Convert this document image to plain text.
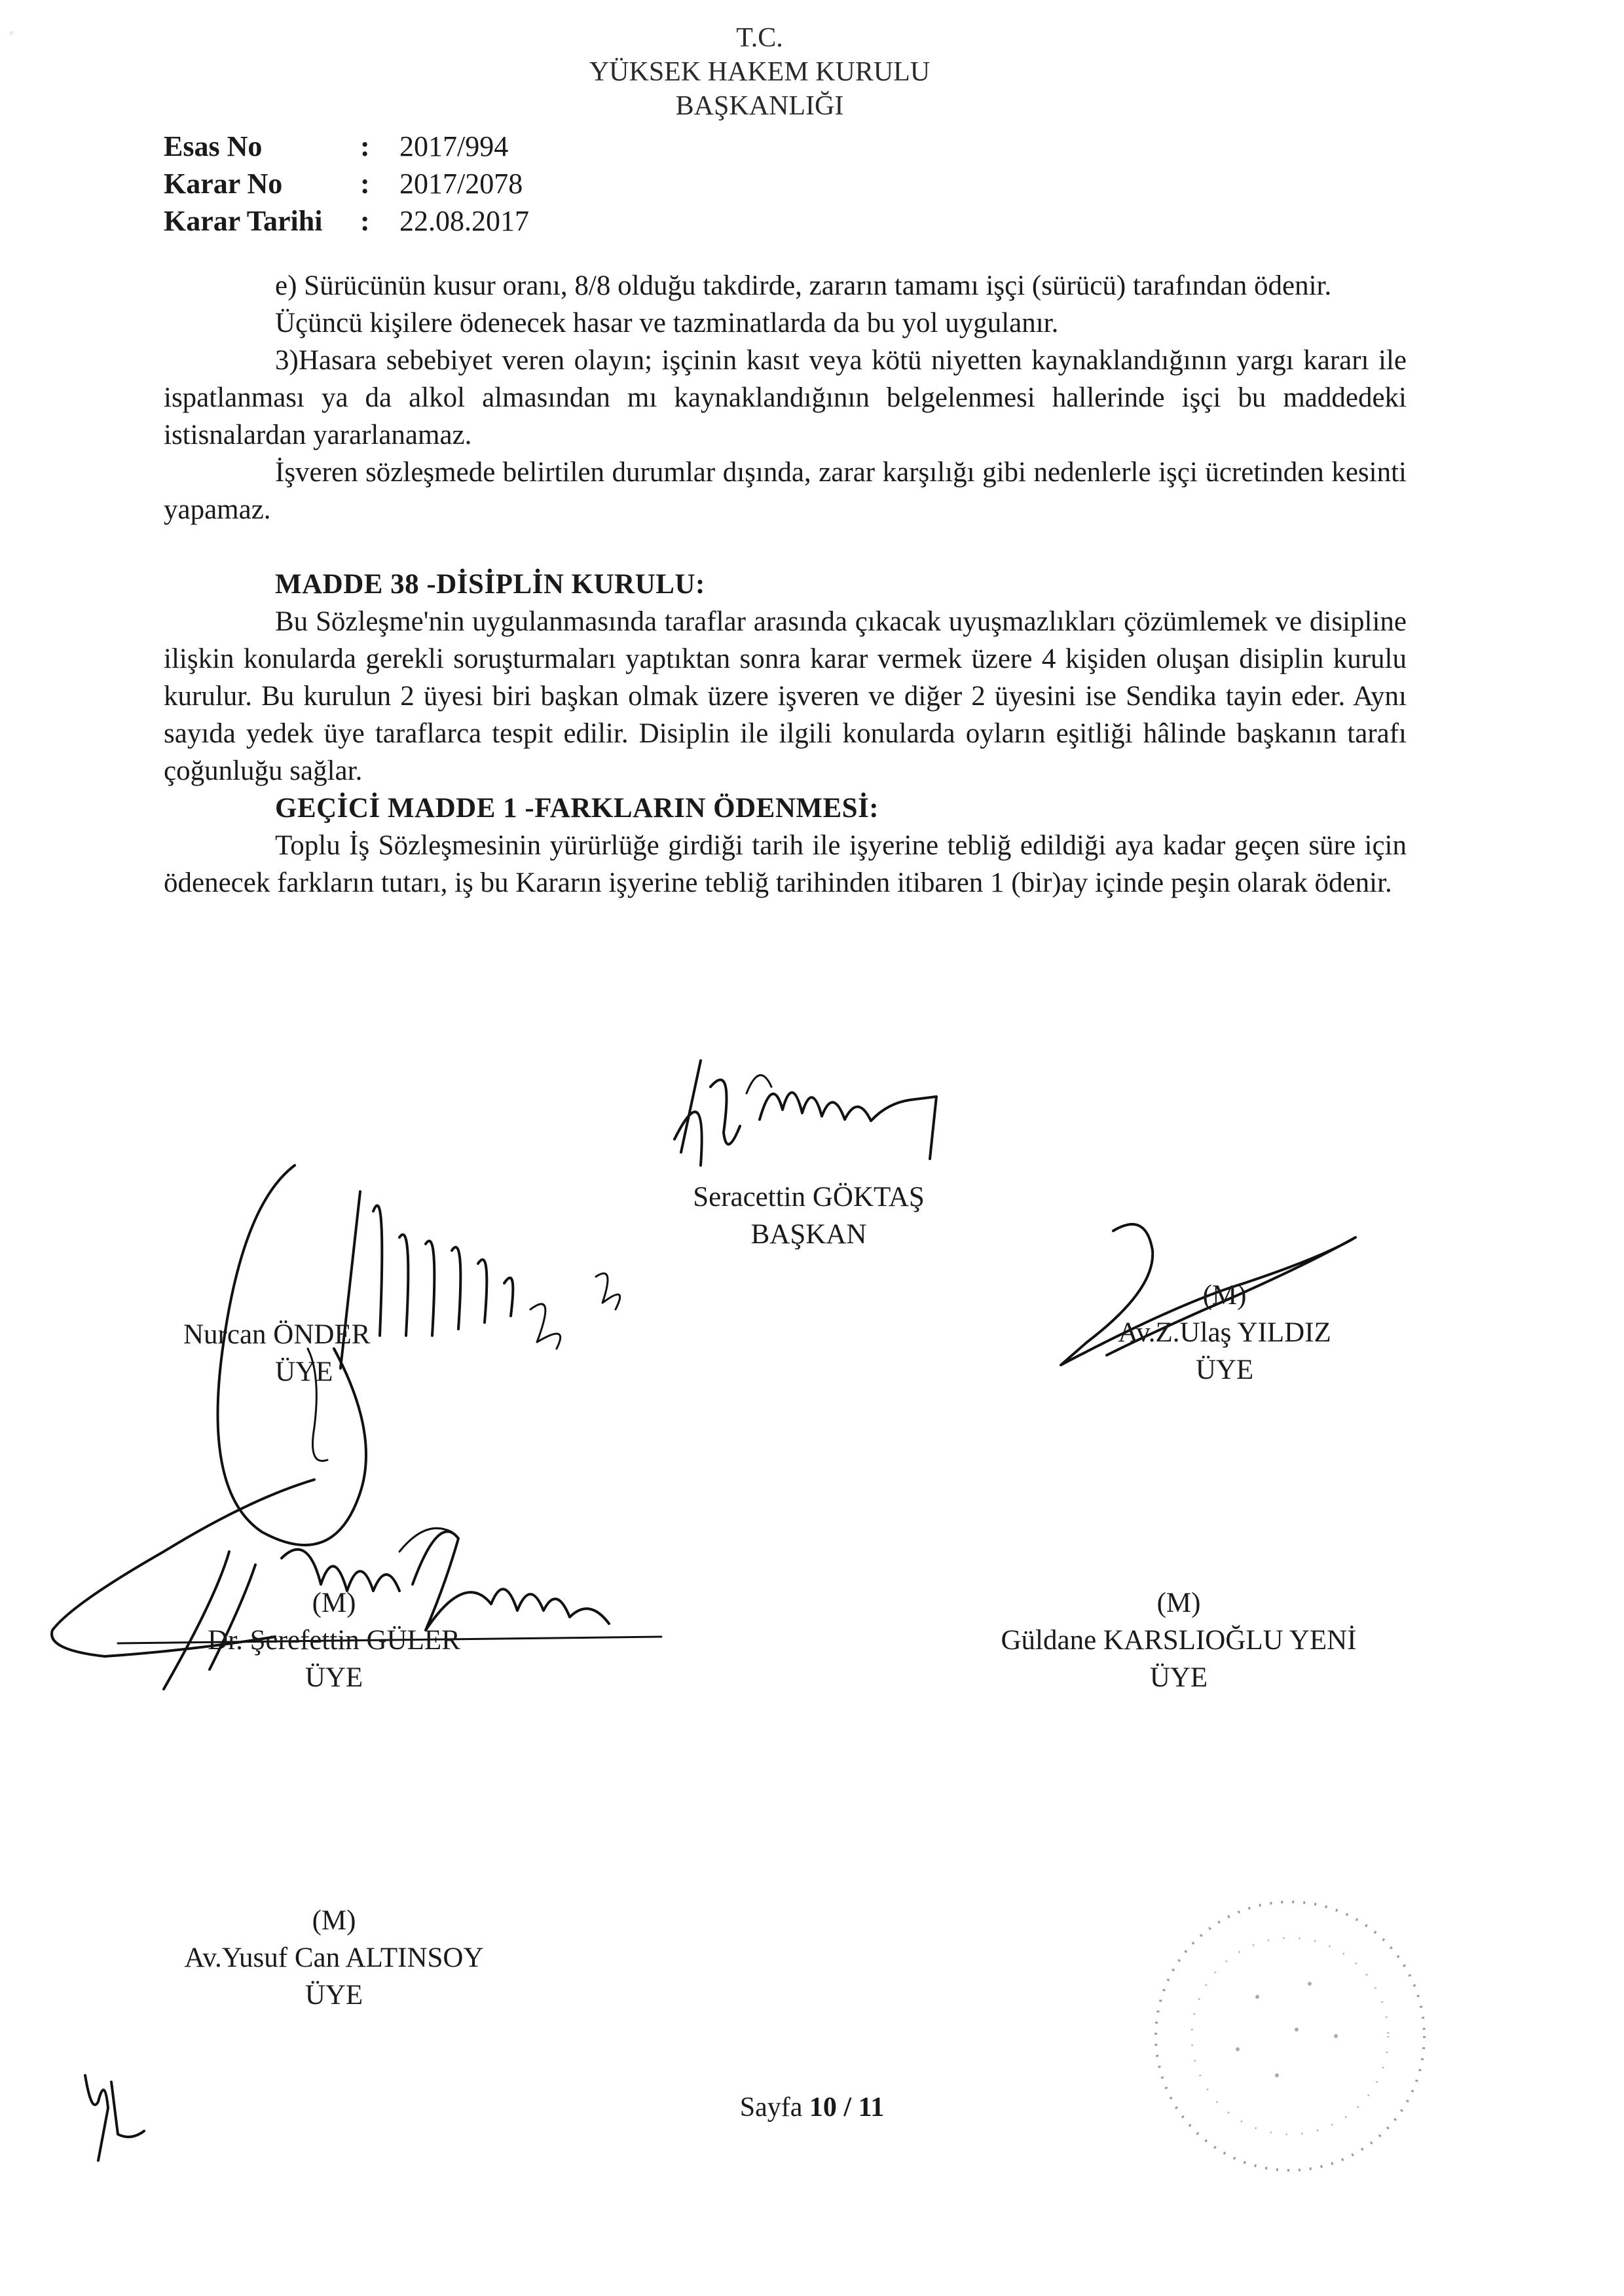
◦	T.C.
YÜKSEK HAKEM KURULU
BAŞKANLIĞI
Esas No	:	2017/994
Karar No	:	2017/2078
Karar Tarihi	:	22.08.2017

e) Sürücünün kusur oranı, 8/8 olduğu takdirde, zararın tamamı işçi (sürücü) tarafından ödenir.

Üçüncü kişilere ödenecek hasar ve tazminatlarda da bu yol uygulanır.

3)Hasara sebebiyet veren olayın; işçinin kasıt veya kötü niyetten kaynaklandığının yargı kararı ile ispatlanması ya da alkol almasından mı kaynaklandığının belgelenmesi hallerinde işçi bu maddedeki istisnalardan yararlanamaz.

İşveren sözleşmede belirtilen durumlar dışında, zarar karşılığı gibi nedenlerle işçi ücretinden kesinti yapamaz.

MADDE 38 -DİSİPLİN KURULU:

Bu Sözleşme'nin uygulanmasında taraflar arasında çıkacak uyuşmazlıkları çözümlemek ve disipline ilişkin konularda gerekli soruşturmaları yaptıktan sonra karar vermek üzere 4 kişiden oluşan disiplin kurulu kurulur. Bu kurulun 2 üyesi biri başkan olmak üzere işveren ve diğer 2 üyesini ise Sendika tayin eder. Aynı sayıda yedek üye taraflarca tespit edilir. Disiplin ile ilgili konularda oyların eşitliği hâlinde başkanın tarafı çoğunluğu sağlar.

GEÇİCİ MADDE 1 -FARKLARIN ÖDENMESİ:

Toplu İş Sözleşmesinin yürürlüğe girdiği tarih ile işyerine tebliğ edildiği aya kadar geçen süre için ödenecek farkların tutarı, iş bu Kararın işyerine tebliğ tarihinden itibaren 1 (bir)ay içinde peşin olarak ödenir.

Seracettin GÖKTAŞ
BAŞKAN
Nurcan ÖNDER
ÜYE
(M)
Av.Z.Ulaş YILDIZ
ÜYE
(M)
Dr. Şerefettin GÜLER
ÜYE
(M)
Güldane KARSLIOĞLU YENİ
ÜYE
(M)
Av.Yusuf Can ALTINSOY
ÜYE
Sayfa 10 / 11
